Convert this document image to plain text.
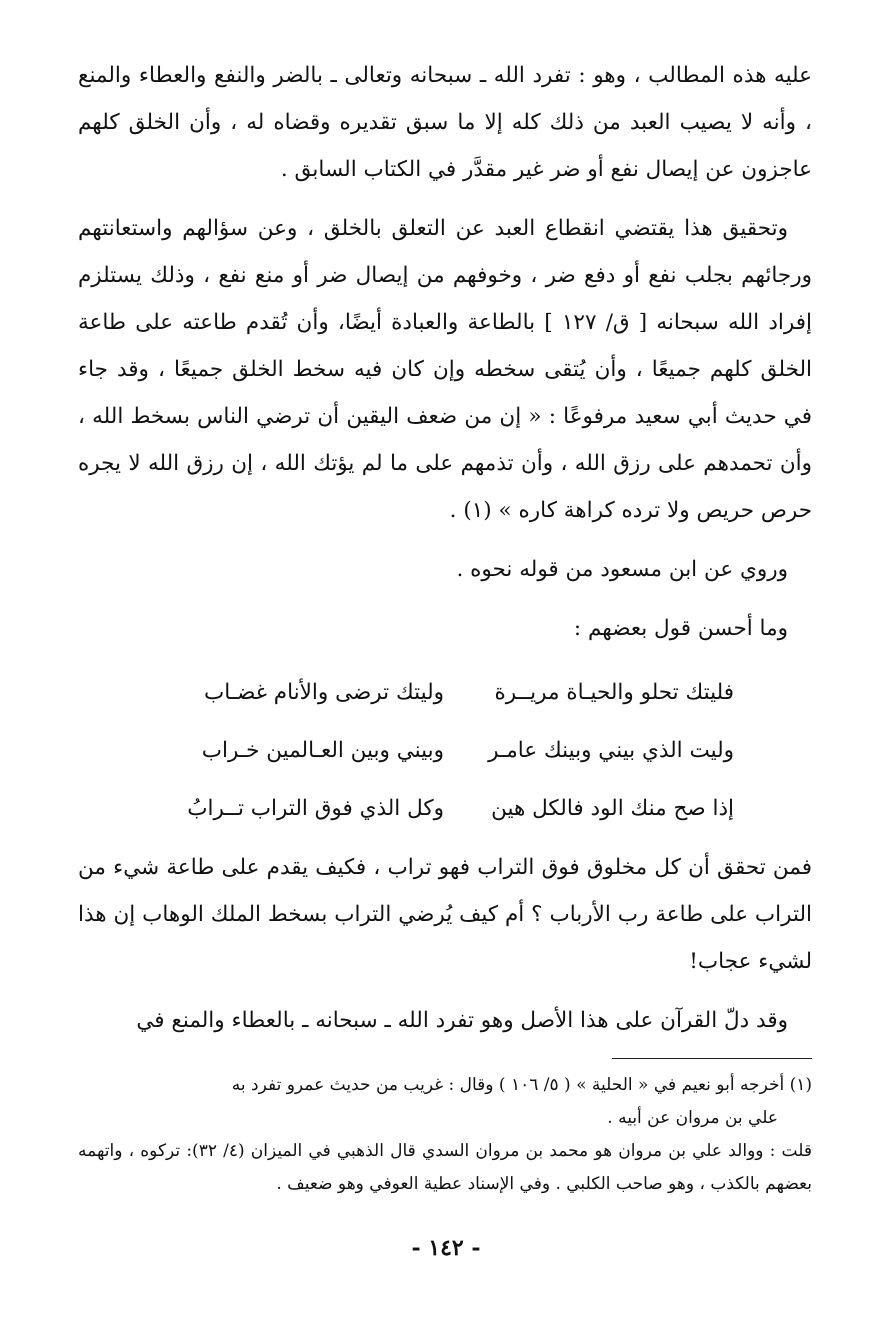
عليه هذه المطالب ، وهو : تفرد الله ـ سبحانه وتعالى ـ بالضر والنفع والعطاء والمنع ، وأنه لا يصيب العبد من ذلك كله إلا ما سبق تقديره وقضاه له ، وأن الخلق كلهم عاجزون عن إيصال نفع أو ضر غير مقدَّر في الكتاب السابق .

وتحقيق هذا يقتضي انقطاع العبد عن التعلق بالخلق ، وعن سؤالهم واستعانتهم ورجائهم بجلب نفع أو دفع ضر ، وخوفهم من إيصال ضر أو منع نفع ، وذلك يستلزم إفراد الله سبحانه [ ق/ ١٢٧ ] بالطاعة والعبادة أيضًا، وأن تُقدم طاعته على طاعة الخلق كلهم جميعًا ، وأن يُتقى سخطه وإن كان فيه سخط الخلق جميعًا ، وقد جاء في حديث أبي سعيد مرفوعًا : « إن من ضعف اليقين أن ترضي الناس بسخط الله ، وأن تحمدهم على رزق الله ، وأن تذمهم على ما لم يؤتك الله ، إن رزق الله لا يجره حرص حريص ولا ترده كراهة كاره » (١) .

وروي عن ابن مسعود من قوله نحوه .

وما أحسن قول بعضهم :

فليتك تحلو والحيـاة مريــرة
وليتك ترضى والأنام غضـاب
وليت الذي بيني وبينك عامـر
وبيني وبين العـالمين خـراب
إذا صح منك الود فالكل هين
وكل الذي فوق التراب تــرابُ

فمن تحقق أن كل مخلوق فوق التراب فهو تراب ، فكيف يقدم على طاعة شيء من التراب على طاعة رب الأرباب ؟ أم كيف يُرضي التراب بسخط الملك الوهاب إن هذا لشيء عجاب!

وقد دلّ القرآن على هذا الأصل وهو تفرد الله ـ سبحانه ـ بالعطاء والمنع في

(١) أخرجه أبو نعيم في « الحلية » ( ٥/ ١٠٦ ) وقال : غريب من حديث عمرو تفرد به

علي بن مروان عن أبيه .

قلت : ووالد علي بن مروان هو محمد بن مروان السدي قال الذهبي في الميزان (٤/ ٣٢): تركوه ، واتهمه بعضهم بالكذب ، وهو صاحب الكلبي . وفي الإسناد عطية العوفي وهو ضعيف .

- ١٤٢ -
